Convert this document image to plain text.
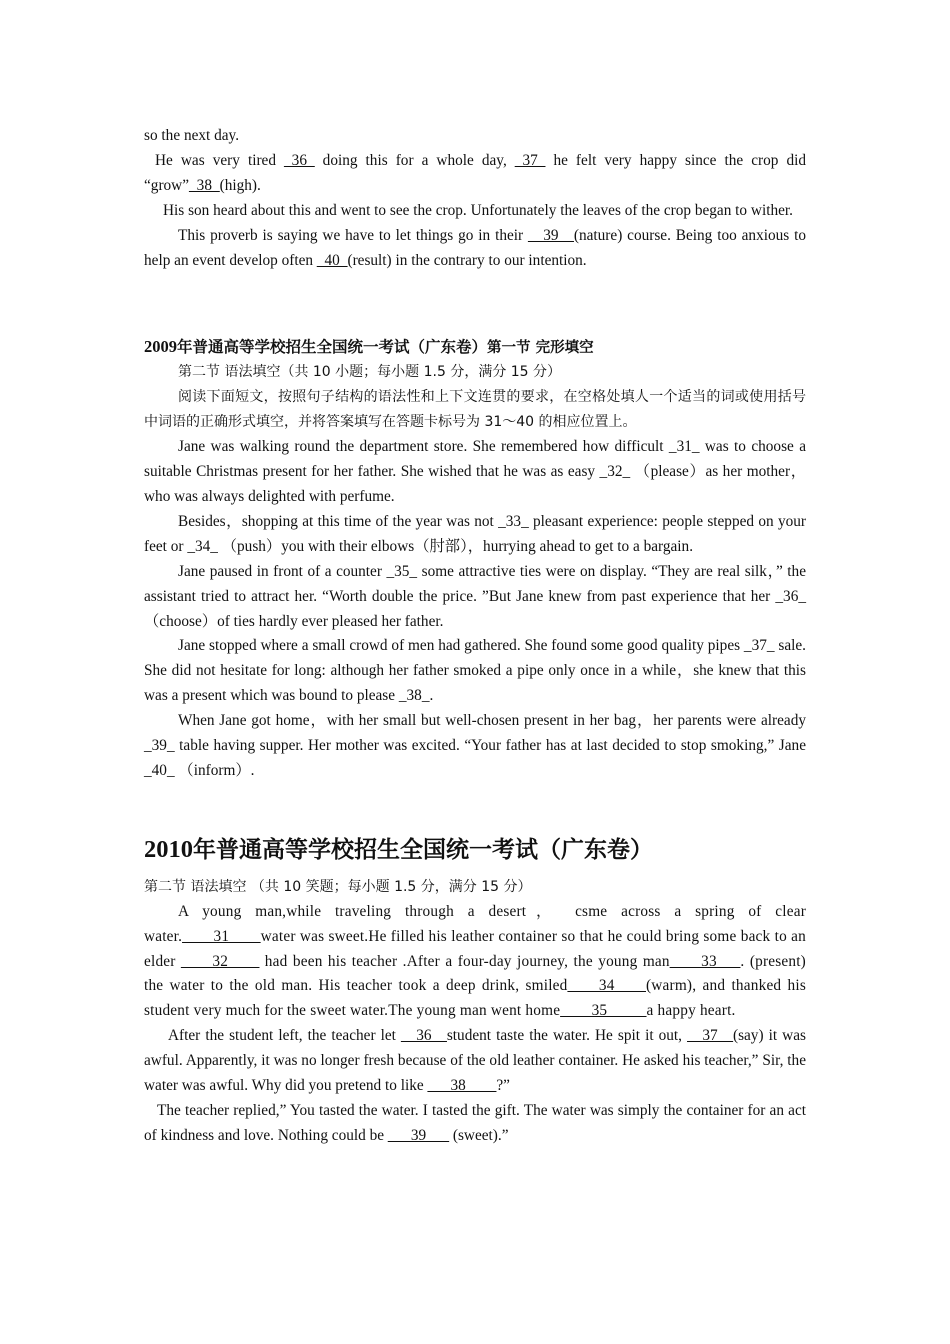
so the next day.

He was very tired _36_ doing this for a whole day, _37_ he felt very happy since the crop did “grow”_38_(high).

His son heard about this and went to see the crop. Unfortunately the leaves of the crop began to wither.

This proverb is saying we have to let things go in their __39__(nature) course. Being too anxious to help an event develop often _40_(result) in the contrary to our intention.

2009年普通高等学校招生全国统一考试（广东卷）第一节 完形填空

第二节 语法填空（共 10 小题；每小题 1.5 分，满分 15 分）

阅读下面短文，按照句子结构的语法性和上下文连贯的要求，在空格处填人一个适当的词或使用括号中词语的正确形式填空，并将答案填写在答题卡标号为 31～40 的相应位置上。

Jane was walking round the department store. She remembered how difficult _31_ was to choose a suitable Christmas present for her father. She wished that he was as easy _32_ （please）as her mother，who was always delighted with perfume.

Besides，shopping at this time of the year was not _33_ pleasant experience: people stepped on your feet or _34_ （push）you with their elbows（肘部），hurrying ahead to get to a bargain.

Jane paused in front of a counter _35_ some attractive ties were on display. “They are real silk，” the assistant tried to attract her. “Worth double the price. ”But Jane knew from past experience that her _36_ （choose）of ties hardly ever pleased her father.

Jane stopped where a small crowd of men had gathered. She found some good quality pipes _37_ sale. She did not hesitate for long: although her father smoked a pipe only once in a while，she knew that this was a present which was bound to please _38_.

When Jane got home，with her small but well-chosen present in her bag，her parents were already _39_ table having supper. Her mother was excited. “Your father has at last decided to stop smoking,” Jane _40_ （inform）.

2010年普通高等学校招生全国统一考试（广东卷）

第二节 语法填空 （共 10 笑题；每小题 1.5 分，满分 15 分）

A young man,while traveling through a desert， csme across a spring of clear water.____31____water was sweet.He filled his leather container so that he could bring some back to an elder ____32____ had been his teacher .After a four-day journey, the young man____33___. (present) the water to the old man. His teacher took a deep drink, smiled____34____(warm), and thanked his student very much for the sweet water.The young man went home____35_____a happy heart.

After the student left, the teacher let __36__student taste the water. He spit it out, __37__(say) it was awful. Apparently, it was no longer fresh because of the old leather container. He asked his teacher,” Sir, the water was awful. Why did you pretend to like ___38____?”

The teacher replied,” You tasted the water. I tasted the gift. The water was simply the container for an act of kindness and love. Nothing could be ___39___ (sweet).”
